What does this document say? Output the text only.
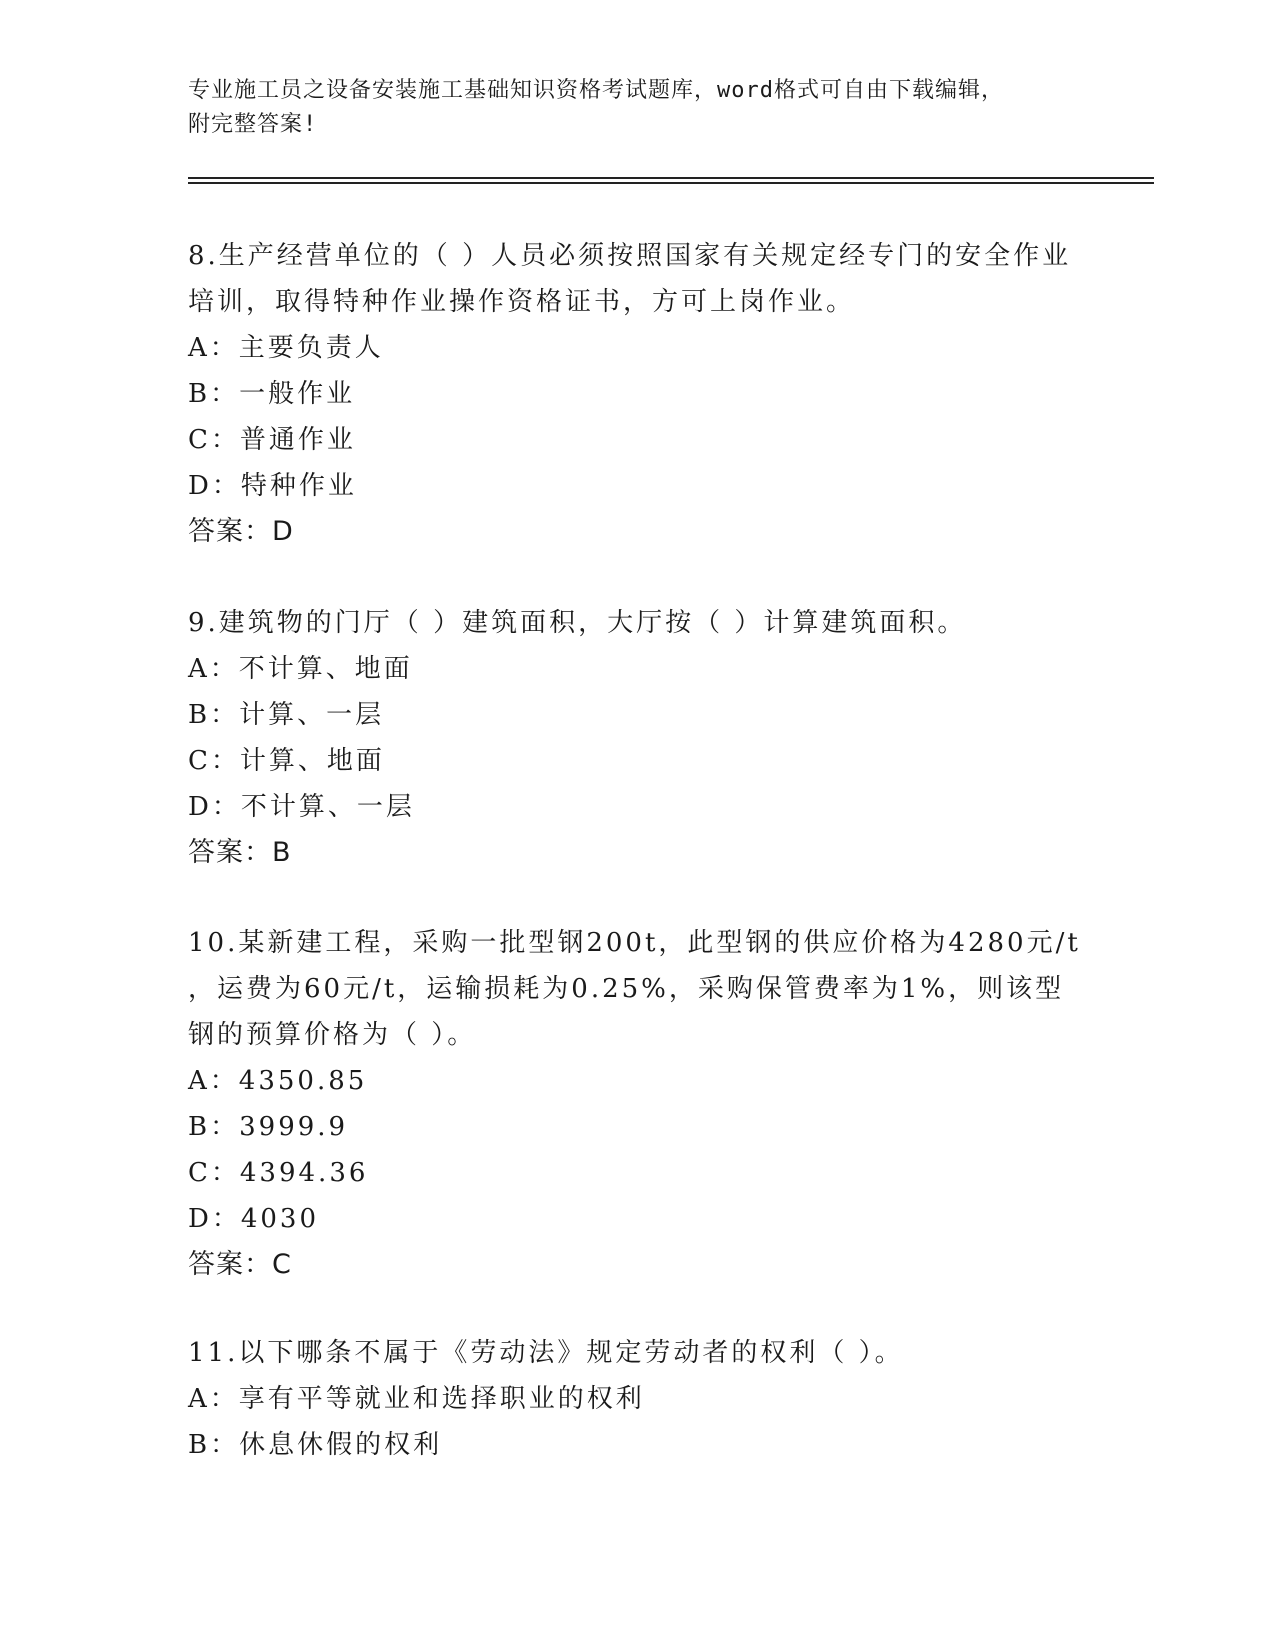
专业施工员之设备安装施工基础知识资格考试题库，word格式可自由下载编辑，
附完整答案!

8.生产经营单位的（ ）人员必须按照国家有关规定经专门的安全作业

培训，取得特种作业操作资格证书，方可上岗作业。

A：主要负责人

B：一般作业

C：普通作业

D：特种作业

答案：D

9.建筑物的门厅（ ）建筑面积，大厅按（ ）计算建筑面积。

A：不计算、地面

B：计算、一层

C：计算、地面

D：不计算、一层

答案：B

10.某新建工程，采购一批型钢200t，此型钢的供应价格为4280元/t

，运费为60元/t，运输损耗为0.25%，采购保管费率为1%，则该型

钢的预算价格为（ ）。

A：4350.85

B：3999.9

C：4394.36

D：4030

答案：C

11.以下哪条不属于《劳动法》规定劳动者的权利（ ）。

A：享有平等就业和选择职业的权利

B：休息休假的权利
